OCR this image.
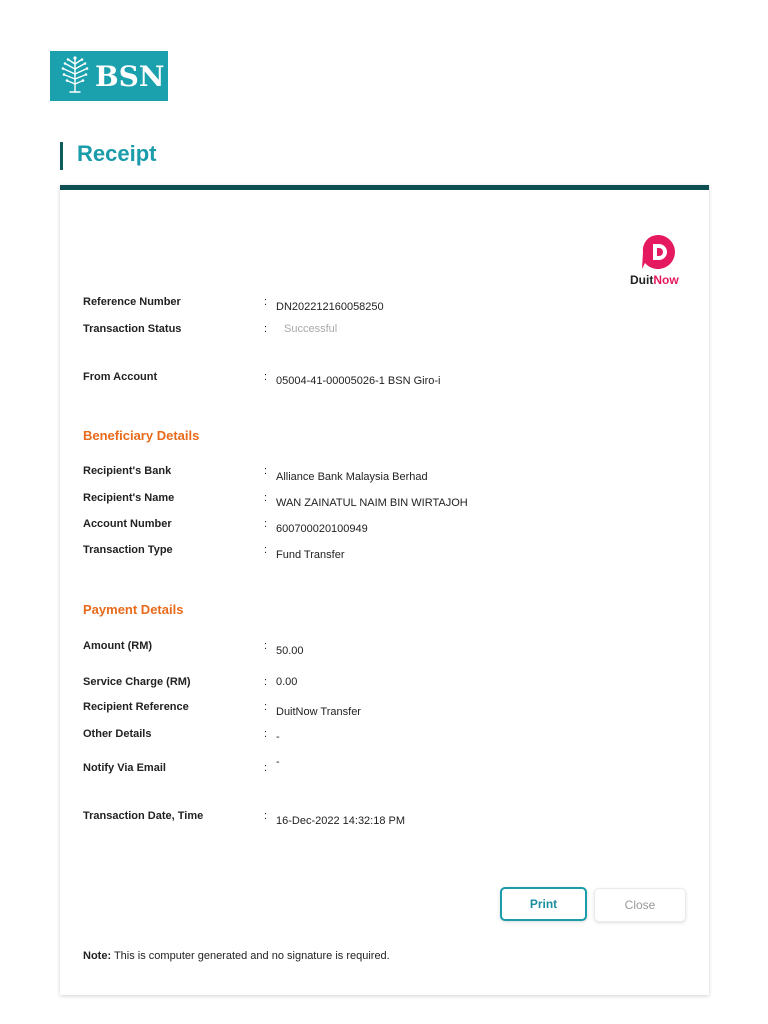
BSN
Receipt
DuitNow
Reference Number	: DN202212160058250
Transaction Status	: Successful
From Account	: 05004-41-00005026-1 BSN Giro-i
Beneficiary Details
Recipient's Bank	: Alliance Bank Malaysia Berhad
Recipient's Name	: WAN ZAINATUL NAIM BIN WIRTAJOH
Account Number	: 600700020100949
Transaction Type	: Fund Transfer
Payment Details
Amount (RM)	: 50.00
Service Charge (RM)	: 0.00
Recipient Reference	: DuitNow Transfer
Other Details	: -
Notify Via Email	: -
Transaction Date, Time	: 16-Dec-2022 14:32:18 PM
Print	Close
Note: This is computer generated and no signature is required.
